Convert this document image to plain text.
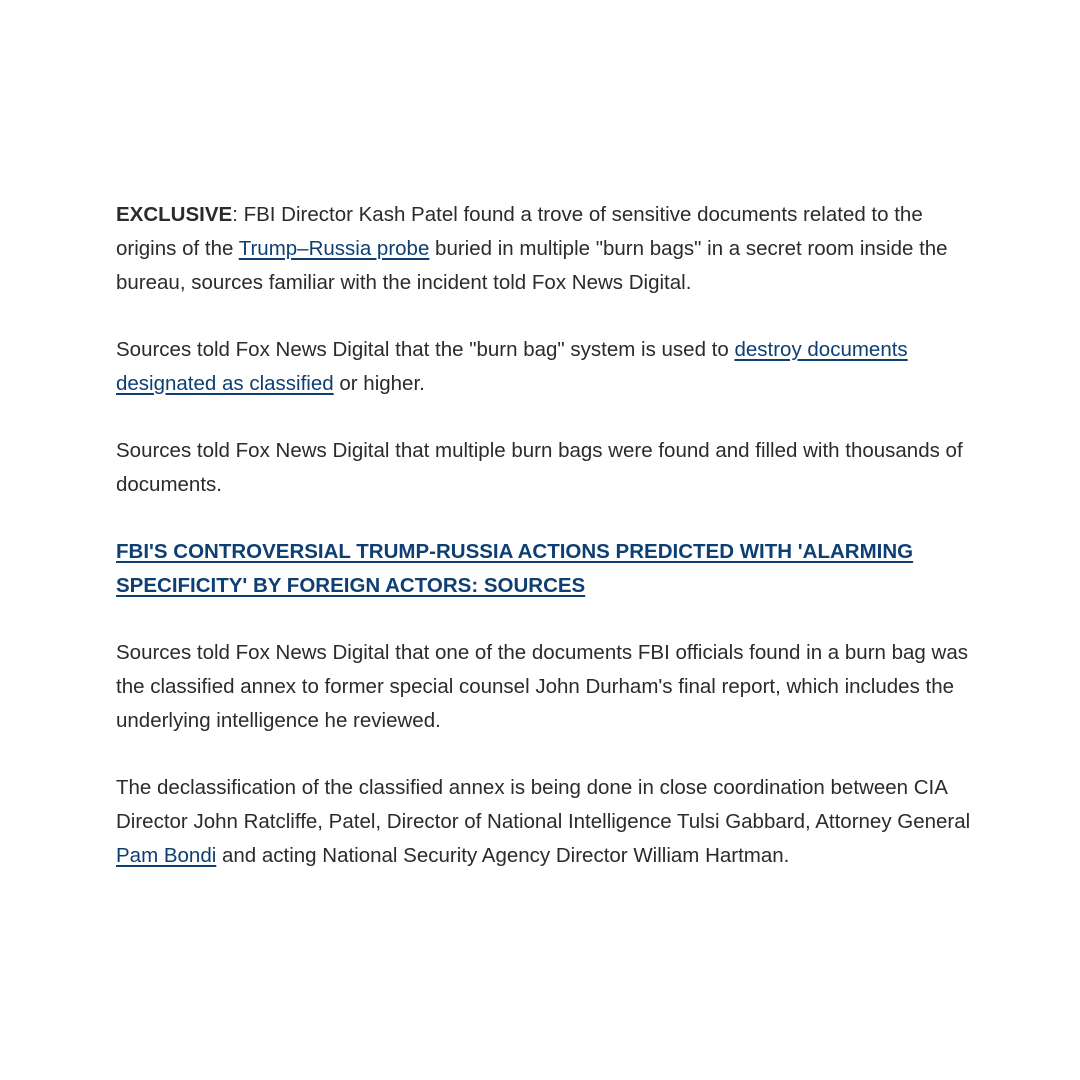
EXCLUSIVE: FBI Director Kash Patel found a trove of sensitive documents related to the origins of the Trump–Russia probe buried in multiple "burn bags" in a secret room inside the bureau, sources familiar with the incident told Fox News Digital.

Sources told Fox News Digital that the "burn bag" system is used to destroy documents designated as classified or higher.

Sources told Fox News Digital that multiple burn bags were found and filled with thousands of documents.

FBI'S CONTROVERSIAL TRUMP-RUSSIA ACTIONS PREDICTED WITH 'ALARMING SPECIFICITY' BY FOREIGN ACTORS: SOURCES

Sources told Fox News Digital that one of the documents FBI officials found in a burn bag was the classified annex to former special counsel John Durham's final report, which includes the underlying intelligence he reviewed.

The declassification of the classified annex is being done in close coordination between CIA Director John Ratcliffe, Patel, Director of National Intelligence Tulsi Gabbard, Attorney General Pam Bondi and acting National Security Agency Director William Hartman.
